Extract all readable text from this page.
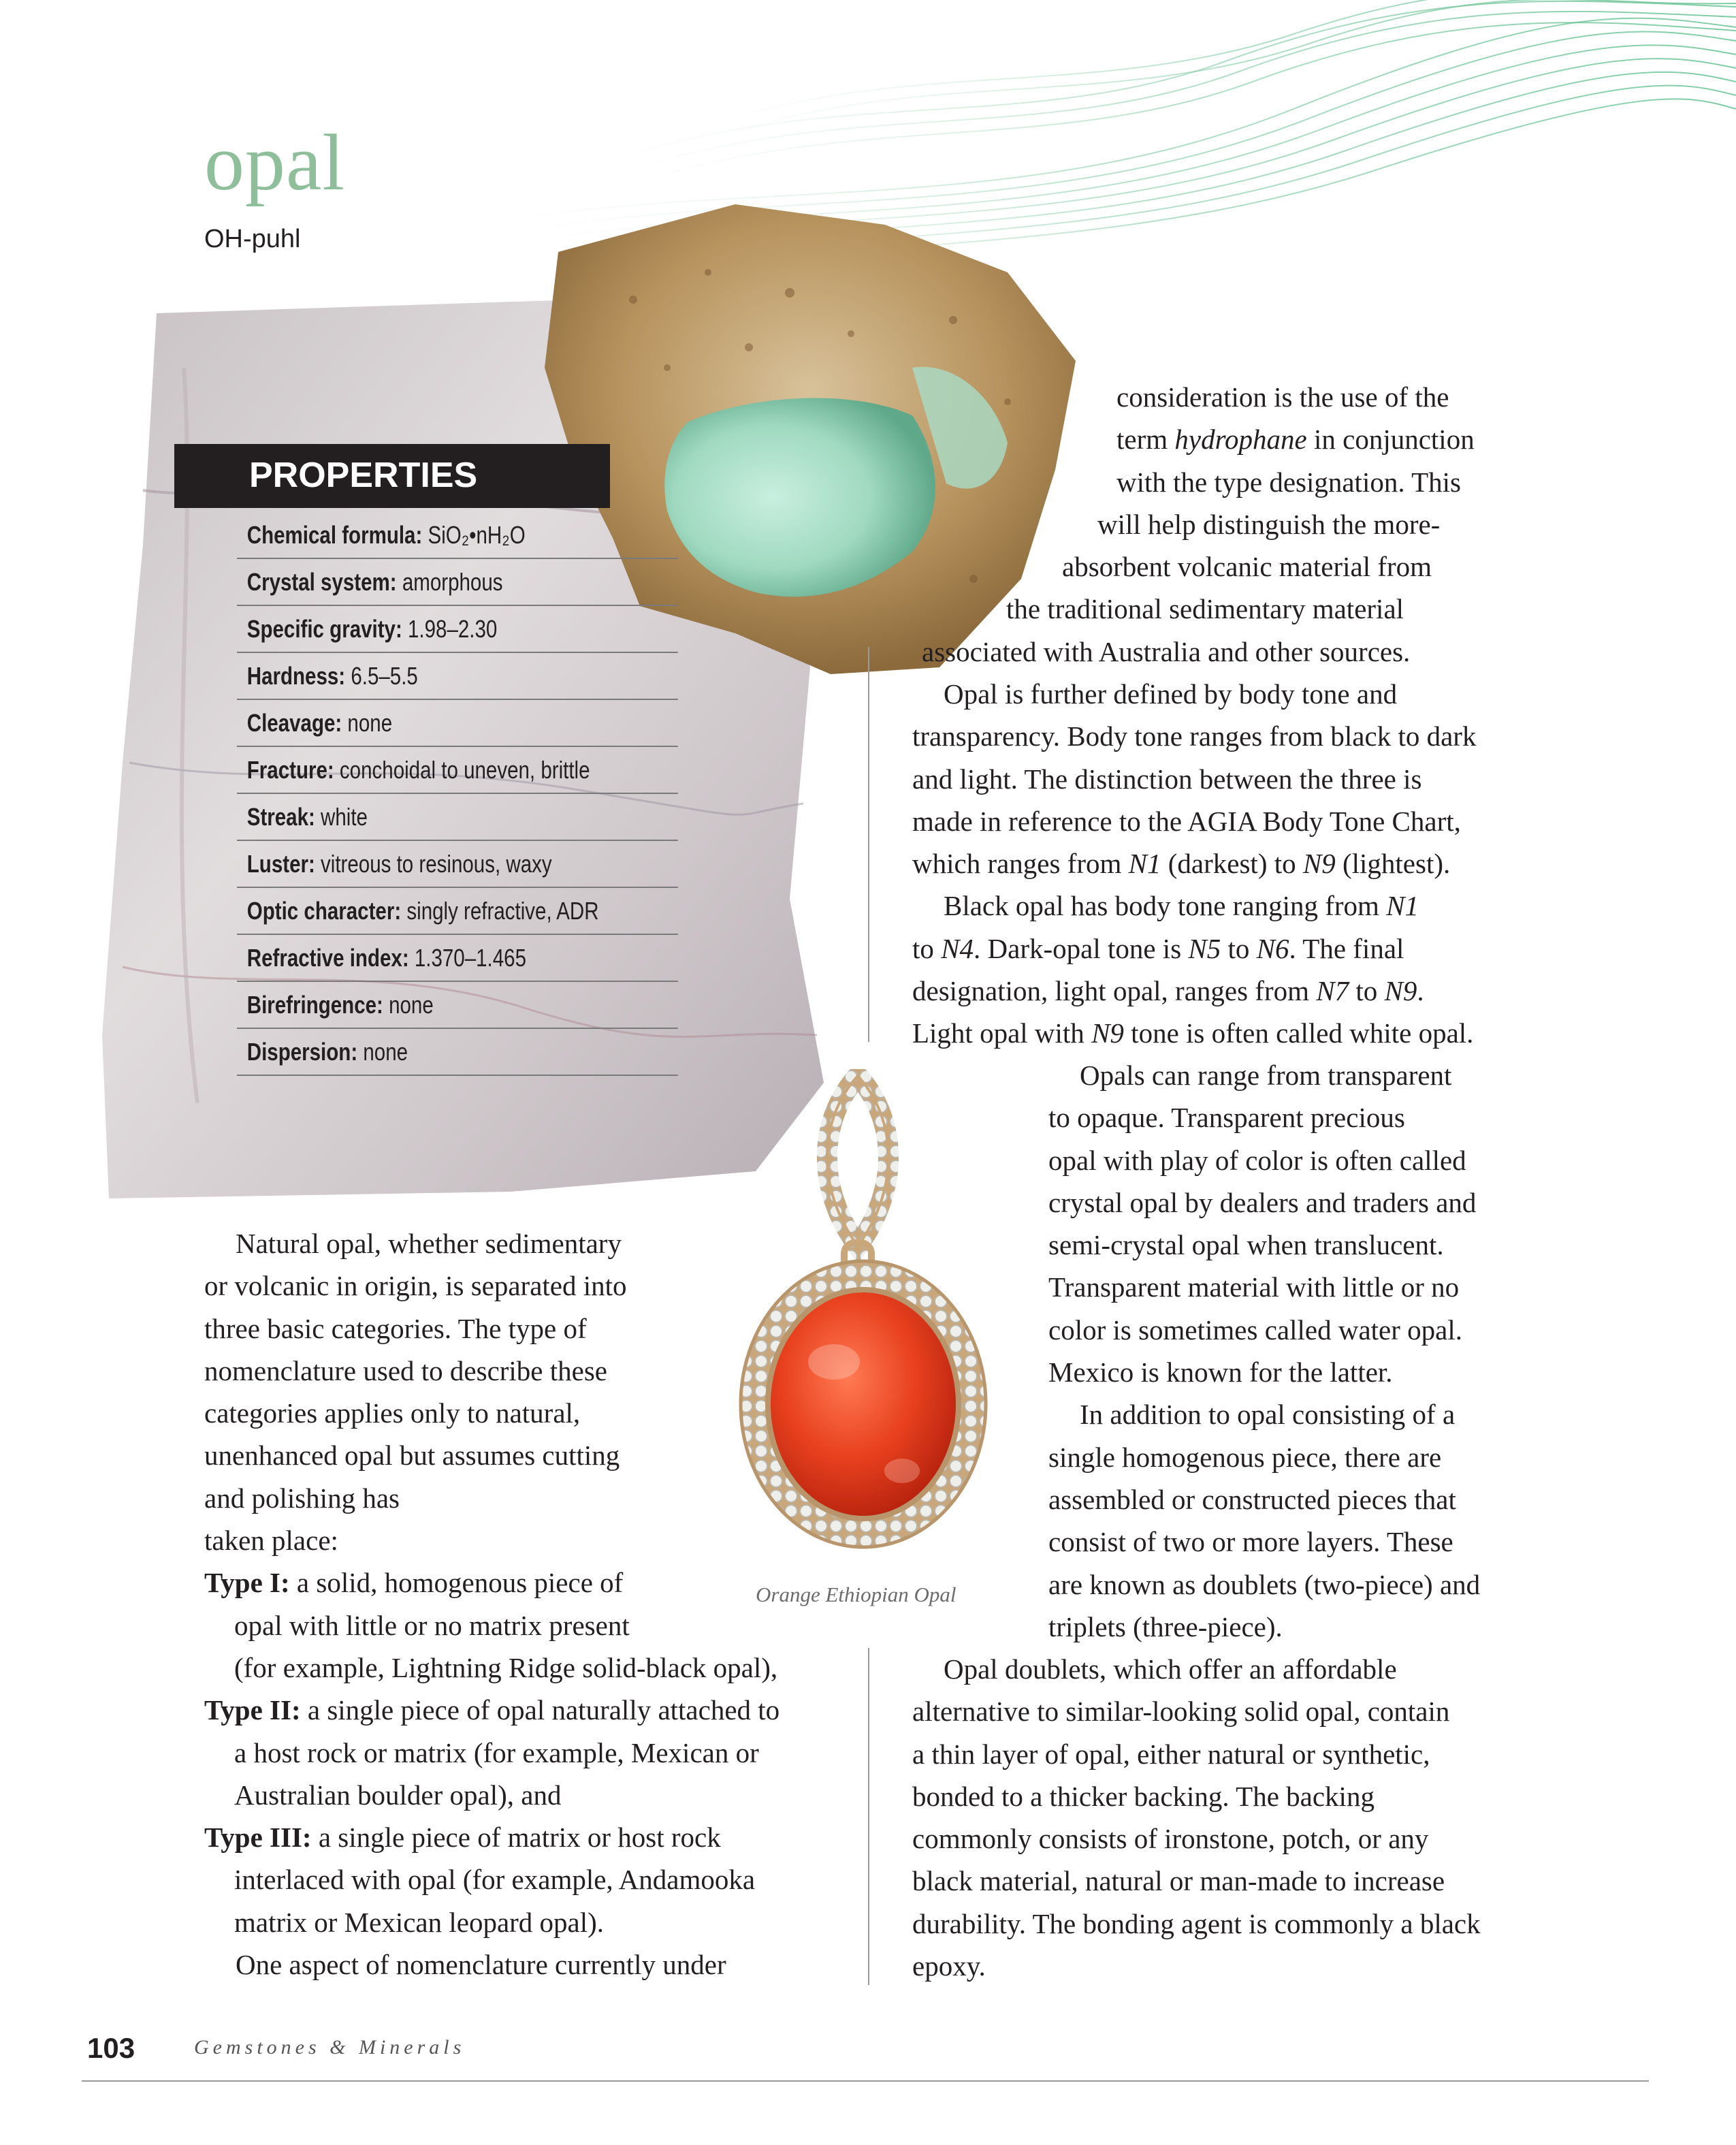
opal
OH-puhl
PROPERTIES
Chemical formula: SiO₂•nH₂O
Crystal system: amorphous
Specific gravity: 1.98–2.30
Hardness: 6.5–5.5
Cleavage: none
Fracture: conchoidal to uneven, brittle
Streak: white
Luster: vitreous to resinous, waxy
Optic character: singly refractive, ADR
Refractive index: 1.370–1.465
Birefringence: none
Dispersion: none
consideration is the use of the
term hydrophane in conjunction
with the type designation. This
will help distinguish the more-
absorbent volcanic material from
the traditional sedimentary material
associated with Australia and other sources.
Opal is further defined by body tone and
transparency. Body tone ranges from black to dark
and light. The distinction between the three is
made in reference to the AGIA Body Tone Chart,
which ranges from N1 (darkest) to N9 (lightest).
Black opal has body tone ranging from N1
to N4. Dark-opal tone is N5 to N6. The final
designation, light opal, ranges from N7 to N9.
Light opal with N9 tone is often called white opal.
Opals can range from transparent
to opaque. Transparent precious
opal with play of color is often called
crystal opal by dealers and traders and
semi-crystal opal when translucent.
Transparent material with little or no
color is sometimes called water opal.
Mexico is known for the latter.
In addition to opal consisting of a
single homogenous piece, there are
assembled or constructed pieces that
consist of two or more layers. These
are known as doublets (two-piece) and
triplets (three-piece).
Opal doublets, which offer an affordable
alternative to similar-looking solid opal, contain
a thin layer of opal, either natural or synthetic,
bonded to a thicker backing. The backing
commonly consists of ironstone, potch, or any
black material, natural or man-made to increase
durability. The bonding agent is commonly a black
epoxy.
Natural opal, whether sedimentary
or volcanic in origin, is separated into
three basic categories. The type of
nomenclature used to describe these
categories applies only to natural,
unenhanced opal but assumes cutting
and polishing has
taken place:
Type I: a solid, homogenous piece of
opal with little or no matrix present
(for example, Lightning Ridge solid-black opal),
Type II: a single piece of opal naturally attached to
a host rock or matrix (for example, Mexican or
Australian boulder opal), and
Type III: a single piece of matrix or host rock
interlaced with opal (for example, Andamooka
matrix or Mexican leopard opal).
One aspect of nomenclature currently under
Orange Ethiopian Opal
103	Gemstones & Minerals
